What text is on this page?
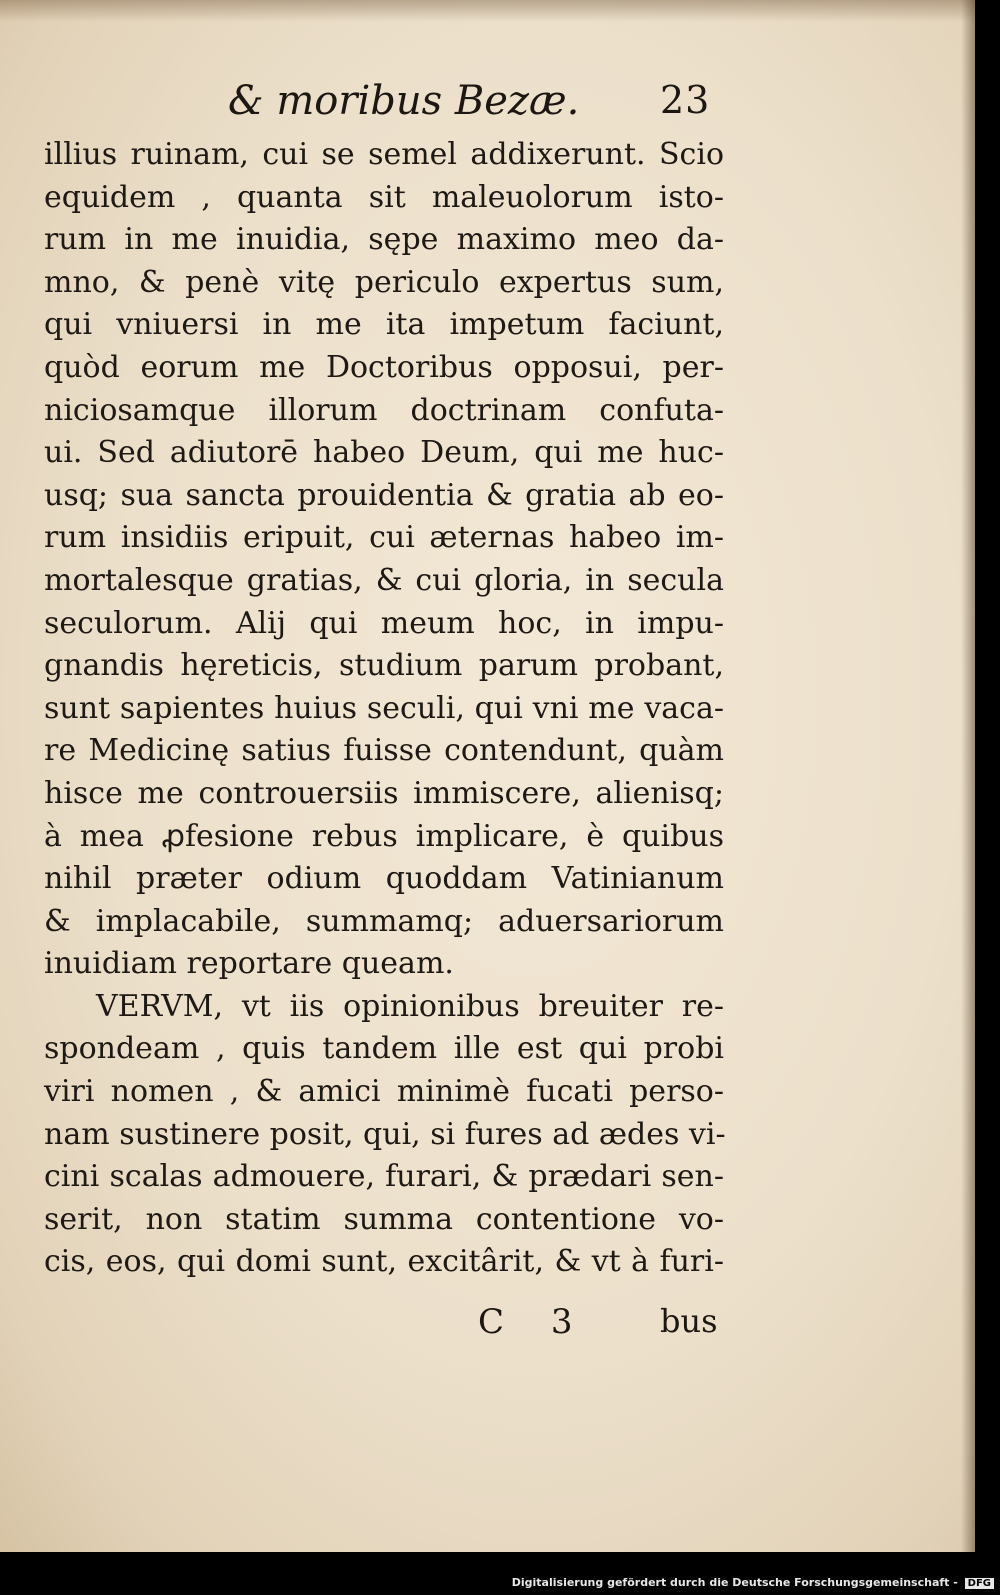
& moribus Bezæ. 23
illius ruinam, cui se semel addixerunt. Scio
equidem , quanta sit maleuolorum isto-
rum in me inuidia, sępe maximo meo da-
mno, & penè vitę periculo expertus sum,
qui vniuersi in me ita impetum faciunt,
quòd eorum me Doctoribus opposui, per-
niciosamque illorum doctrinam confuta-
ui. Sed adiutorē habeo Deum, qui me huc-
usq; sua sancta prouidentia & gratia ab eo-
rum insidiis eripuit, cui æternas habeo im-
mortalesque gratias, & cui gloria, in secula
seculorum. Alij qui meum hoc, in impu-
gnandis hęreticis, studium parum probant,
sunt sapientes huius seculi, qui vni me vaca-
re Medicinę satius fuisse contendunt, quàm
hisce me controuersiis immiscere, alienisq;
à mea ꝓfesione rebus implicare, è quibus
nihil præter odium quoddam Vatinianum
& implacabile, summamq; aduersariorum
inuidiam reportare queam.
VERVM, vt iis opinionibus breuiter re-
spondeam , quis tandem ille est qui probi
viri nomen , & amici minimè fucati perso-
nam sustinere posit, qui, si fures ad ædes vi-
cini scalas admouere, furari, & prædari sen-
serit, non statim summa contentione vo-
cis, eos, qui domi sunt, excitârit, & vt à furi-
C 3 bus
Digitalisierung gefördert durch die Deutsche Forschungsgemeinschaft - DFG
